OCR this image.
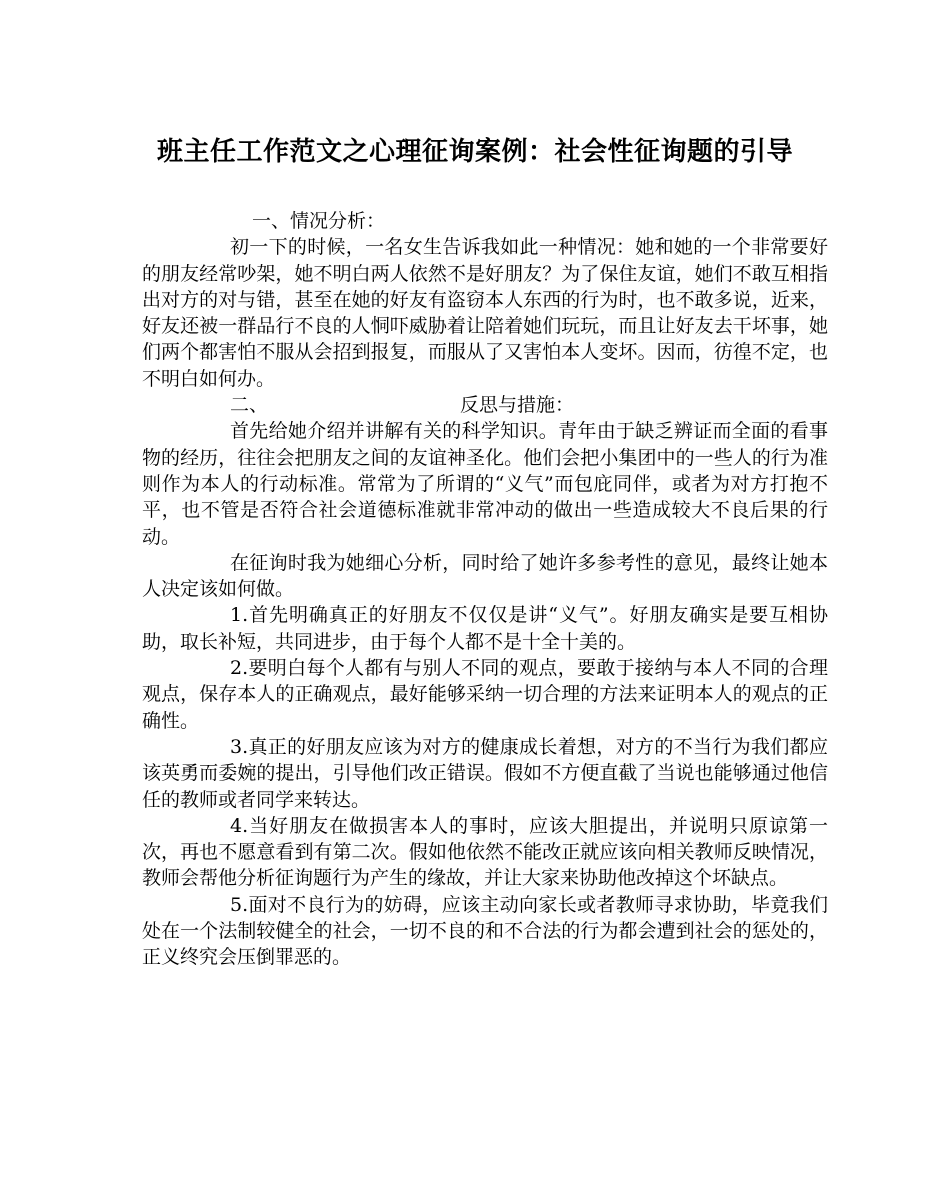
班主任工作范文之心理征询案例：社会性征询题的引导

一、情况分析：

初一下的时候，一名女生告诉我如此一种情况：她和她的一个非常要好的朋友经常吵架，她不明白两人依然不是好朋友？为了保住友谊，她们不敢互相指出对方的对与错，甚至在她的好友有盗窃本人东西的行为时，也不敢多说，近来，好友还被一群品行不良的人恫吓威胁着让陪着她们玩玩，而且让好友去干坏事，她们两个都害怕不服从会招到报复，而服从了又害怕本人变坏。因而，彷徨不定，也不明白如何办。

二、	反思与措施：

首先给她介绍并讲解有关的科学知识。青年由于缺乏辨证而全面的看事物的经历，往往会把朋友之间的友谊神圣化。他们会把小集团中的一些人的行为准则作为本人的行动标准。常常为了所谓的“义气”而包庇同伴，或者为对方打抱不平，也不管是否符合社会道德标准就非常冲动的做出一些造成较大不良后果的行动。

在征询时我为她细心分析，同时给了她许多参考性的意见，最终让她本人决定该如何做。

1.首先明确真正的好朋友不仅仅是讲“义气”。好朋友确实是要互相协助，取长补短，共同进步，由于每个人都不是十全十美的。

2.要明白每个人都有与别人不同的观点，要敢于接纳与本人不同的合理观点，保存本人的正确观点，最好能够采纳一切合理的方法来证明本人的观点的正确性。

3.真正的好朋友应该为对方的健康成长着想，对方的不当行为我们都应该英勇而委婉的提出，引导他们改正错误。假如不方便直截了当说也能够通过他信任的教师或者同学来转达。

4.当好朋友在做损害本人的事时，应该大胆提出，并说明只原谅第一　次，再也不愿意看到有第二次。假如他依然不能改正就应该向相关教师反映情况，教师会帮他分析征询题行为产生的缘故，并让大家来协助他改掉这个坏缺点。

5.面对不良行为的妨碍，应该主动向家长或者教师寻求协助，毕竟我们处在一个法制较健全的社会，一切不良的和不合法的行为都会遭到社会的惩处的，正义终究会压倒罪恶的。
